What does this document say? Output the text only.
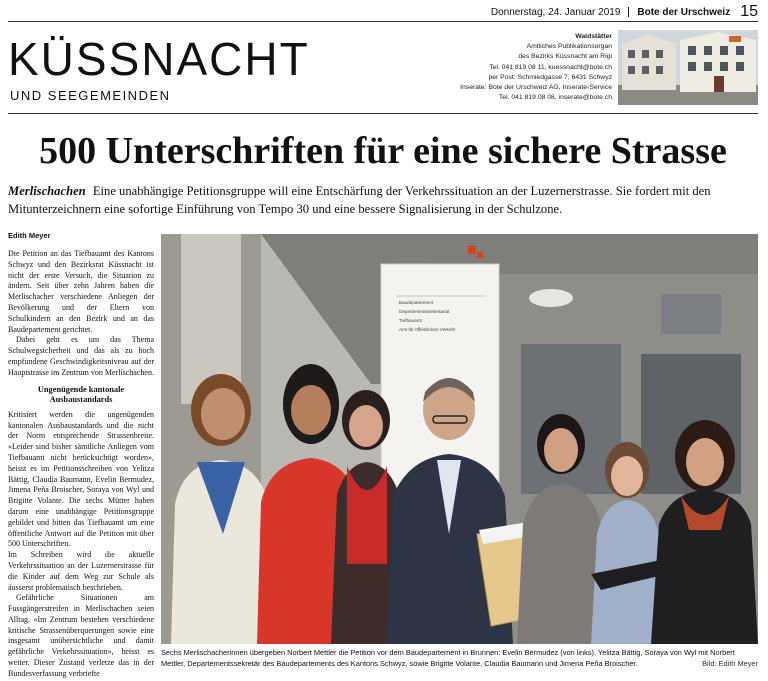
Donnerstag, 24. Januar 2019 Bote der Urschweiz 15
KÜSSNACHT
UND SEEGEMEINDEN
Waldstätter
Amtliches Publikationsorgan
des Bezirks Küssnacht am Rigi
Tel. 041 819 08 11, kuessnacht@bote.ch
per Post: Schmiedgasse 7, 6431 Schwyz
Inserate: Bote der Urschweiz AG, Inserate-Service
Tel. 041 819 08 08, inserate@bote.ch
500 Unterschriften für eine sichere Strasse
Merlischachen Eine unabhängige Petitionsgruppe will eine Entschärfung der Verkehrssituation an der Luzernerstrasse. Sie fordert mit den Mitunterzeichnern eine sofortige Einführung von Tempo 30 und eine bessere Signalisierung in der Schulzone.
Edith Meyer

Die Petition an das Tiefbauamt des Kantons Schwyz und den Bezirksrat Küssnacht ist nicht der erste Versuch, die Situation zu ändern. Seit über zehn Jahren haben die Merlischacher verschiedene Anliegen der Bevölkerung und der Eltern von Schulkindern an den Bezirk und an das Baudepartement gerichtet.

Dabei geht es um das Thema Schulwegsicherheit und das als zu hoch empfundene Geschwindigkeitsniveau auf der Hauptstrasse im Zentrum von Merlischachen.

Ungenügende kantonale Ausbaustandards

Kritisiert werden die ungenügenden kantonalen Ausbaustandards und die nicht der Norm entsprechende Strassenbreite. «Leider sind bisher sämtliche Anliegen vom Tiefbauamt nicht berücksichtigt worden», heisst es im Petitionsschreiben von Yelitza Bättig, Claudia Baumann, Evelin Bermudez, Jimena Peña Broischer, Soraya von Wyl und Brigitte Volante. Die sechs Mütter haben darum eine unabhängige Petitionsgruppe gebildet und bitten das Tiefbauamt um eine öffentliche Antwort auf die Petition mit über 500 Unterschriften.

Im Schreiben wird die aktuelle Verkehrssituation an der Luzernerstrasse für die Kinder auf dem Weg zur Schule als äusserst problematisch beschrieben.

Gefährliche Situationen am Fussgängerstreifen in Merlischachen seien Alltag. «Im Zentrum bestehen verschiedene kritische Strassenüberquerungen sowie eine insgesamt unübersichtliche und damit gefährliche Verkehrssituation», heisst es weiter. Dieser Zustand verletze das in der Bundesverfassung verbriefte

kantonschwyz
Baudepartement
Departementssekretariat
Tiefbauamt
Amt für öffentlichen Verkehr
Sechs Merlischacherinnen übergeben Norbert Mettler die Petition vor dem Baudepartement in Brunnen: Evelin Bermudez (von links), Yelitza Bättig, Soraya von Wyl mit Norbert Mettler, Departementssekretär des Baudepartements des Kantons Schwyz, sowie Brigitte Volante, Claudia Baumann und Jimena Peña Broischer.	Bild: Edith Meyer
